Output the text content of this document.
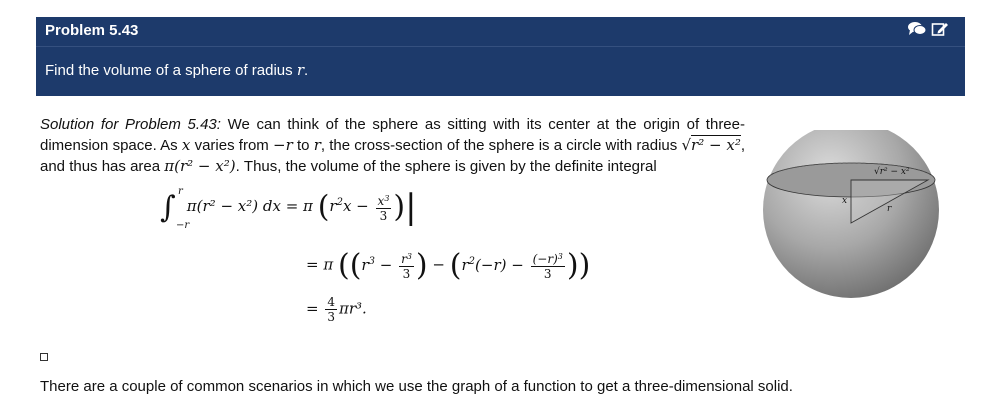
Problem 5.43
Find the volume of a sphere of radius r.
Solution for Problem 5.43: We can think of the sphere as sitting with its center at the origin of three-dimension space. As x varies from −r to r, the cross-section of the sphere is a circle with radius √r² − x², and thus has area π(r² − x²). Thus, the volume of the sphere is given by the definite integral
∫ r
−r
π(r² − x²) dx = π ($r^2x - \frac{x^3}{3}$ )|
= π (($r^3 - \frac{r^3}{3}$ ) − ($r^2(-r) - \frac{(-r)^3}{3}$ ))
= $\frac{4}{3} \pi r^3$.
√r² − x²
x
r
There are a couple of common scenarios in which we use the graph of a function to get a three-dimensional solid.
